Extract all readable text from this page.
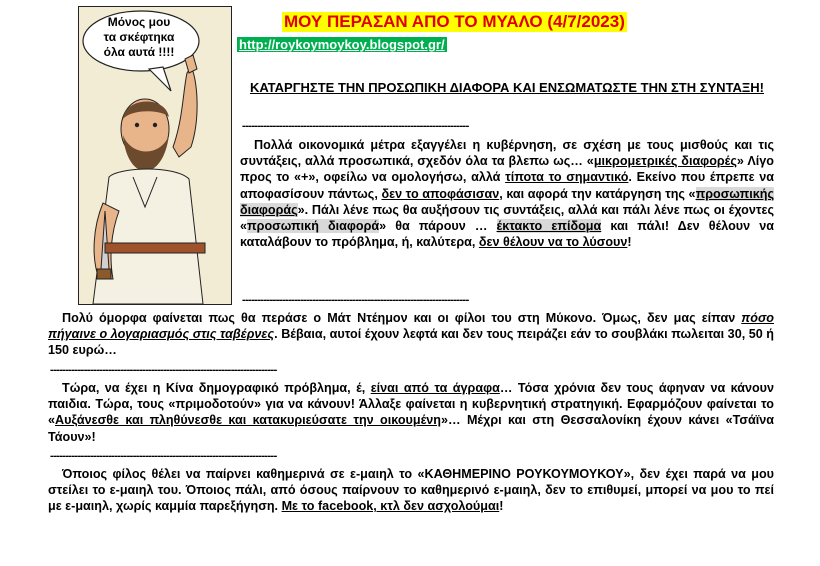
Μόνος μου
τα σκέφτηκα
όλα αυτά !!!!
ΜΟΥ ΠΕΡΑΣΑΝ ΑΠΟ ΤΟ ΜΥΑΛΟ (4/7/2023)
http://roykoymoykoy.blogspot.gr/
ΚΑΤΑΡΓΗΣΤΕ ΤΗΝ ΠΡΟΣΩΠΙΚΗ ΔΙΑΦΟΡΑ ΚΑΙ ΕΝΣΩΜΑΤΩΣΤΕ ΤΗΝ ΣΤΗ ΣΥΝΤΑΞΗ!
--------------------------------------------------------------------------
Πολλά οικονομικά μέτρα εξαγγέλει η κυβέρνηση, σε σχέση με τους μισθούς και τις συντάξεις, αλλά προσωπικά, σχεδόν όλα τα βλεπω ως… «μικρομετρικές διαφορές» Λίγο προς το «+», οφείλω να ομολογήσω, αλλά τίποτα το σημαντικό. Εκείνο που έπρεπε να αποφασίσουν πάντως, δεν το αποφάσισαν, και αφορά την κατάργηση της «προσωπικής διαφοράς». Πάλι λένε πως θα αυξήσουν τις συντάξεις, αλλά και πάλι λένε πως οι έχοντες «προσωπική διαφορά» θα πάρουν … έκτακτο επίδομα και πάλι! Δεν θέλουν να καταλάβουν το πρόβλημα, ή, καλύτερα, δεν θέλουν να το λύσουν!
--------------------------------------------------------------------------
Πολύ όμορφα φαίνεται πως θα περάσε ο Μάτ Ντέημον και οι φίλοι του στη Μύκονο. Όμως, δεν μας είπαν πόσο πήγαινε ο λογαριασμός στις ταβέρνες. Βέβαια, αυτοί έχουν λεφτά και δεν τους πειράζει εάν το σουβλάκι πωλειται 30, 50 ή 150 ευρώ…
--------------------------------------------------------------------------
Τώρα, να έχει η Κίνα δημογραφικό πρόβλημα, έ, είναι από τα άγραφα… Τόσα χρόνια δεν τους άφηναν να κάνουν παιδια. Τώρα, τους «πριμοδοτούν» για να κάνουν! Άλλαξε φαίνεται η κυβερνητική στρατηγική. Εφαρμόζουν φαίνεται το «Αυξάνεσθε και πληθύνεσθε και κατακυριεύσατε την οικουμένη»… Μέχρι και στη Θεσσαλονίκη έχουν κάνει «Τσάϊνα Τάουν»!
--------------------------------------------------------------------------
Όποιος φίλος θέλει να παίρνει καθημερινά σε ε-μαιηλ το «ΚΑΘΗΜΕΡΙΝΟ ΡΟΥΚΟΥΜΟΥΚΟΥ», δεν έχει παρά να μου στείλει το ε-μαιηλ του. Όποιος πάλι, από όσους παίρνουν το καθημερινό ε-μαιηλ, δεν το επιθυμεί, μπορεί να μου το πεί με ε-μαιηλ, χωρίς καμμία παρεξήγηση. Με το facebook, κτλ δεν ασχολούμαι!
